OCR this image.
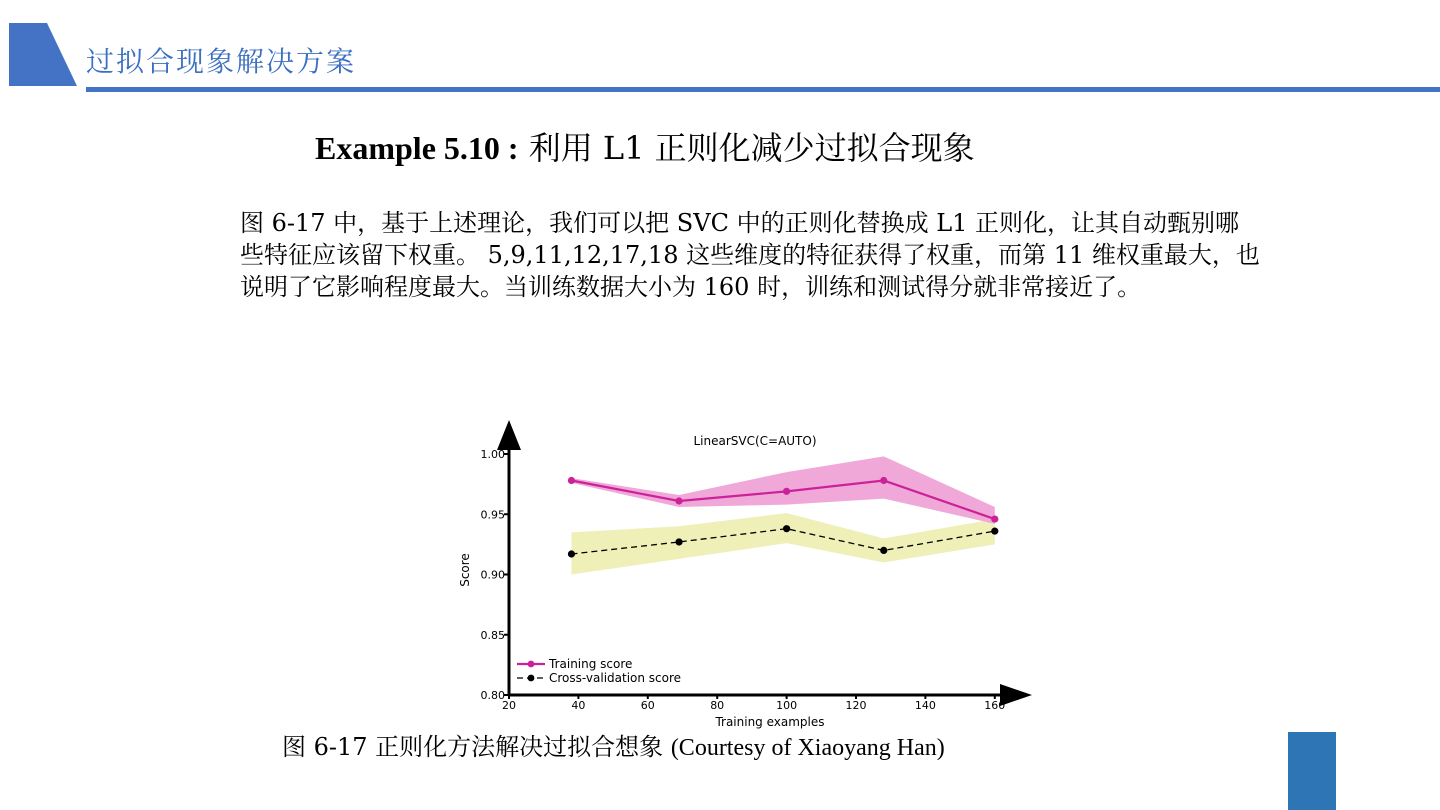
过拟合现象解决方案
Example 5.10 : 利用 L1 正则化减少过拟合现象
图 6-17 中，基于上述理论，我们可以把 SVC 中的正则化替换成 L1 正则化，让其自动甄别哪
些特征应该留下权重。 5,9,11,12,17,18 这些维度的特征获得了权重，而第 11 维权重最大，也
说明了它影响程度最大。当训练数据大小为 160 时，训练和测试得分就非常接近了。
0.80
0.85
0.90
0.95
1.00
20	40	60	80	100	120	140	160
LinearSVC(C=AUTO)
Training examples
Score
Training score
Cross-validation score
图 6-17 正则化方法解决过拟合想象 (Courtesy of Xiaoyang Han)
